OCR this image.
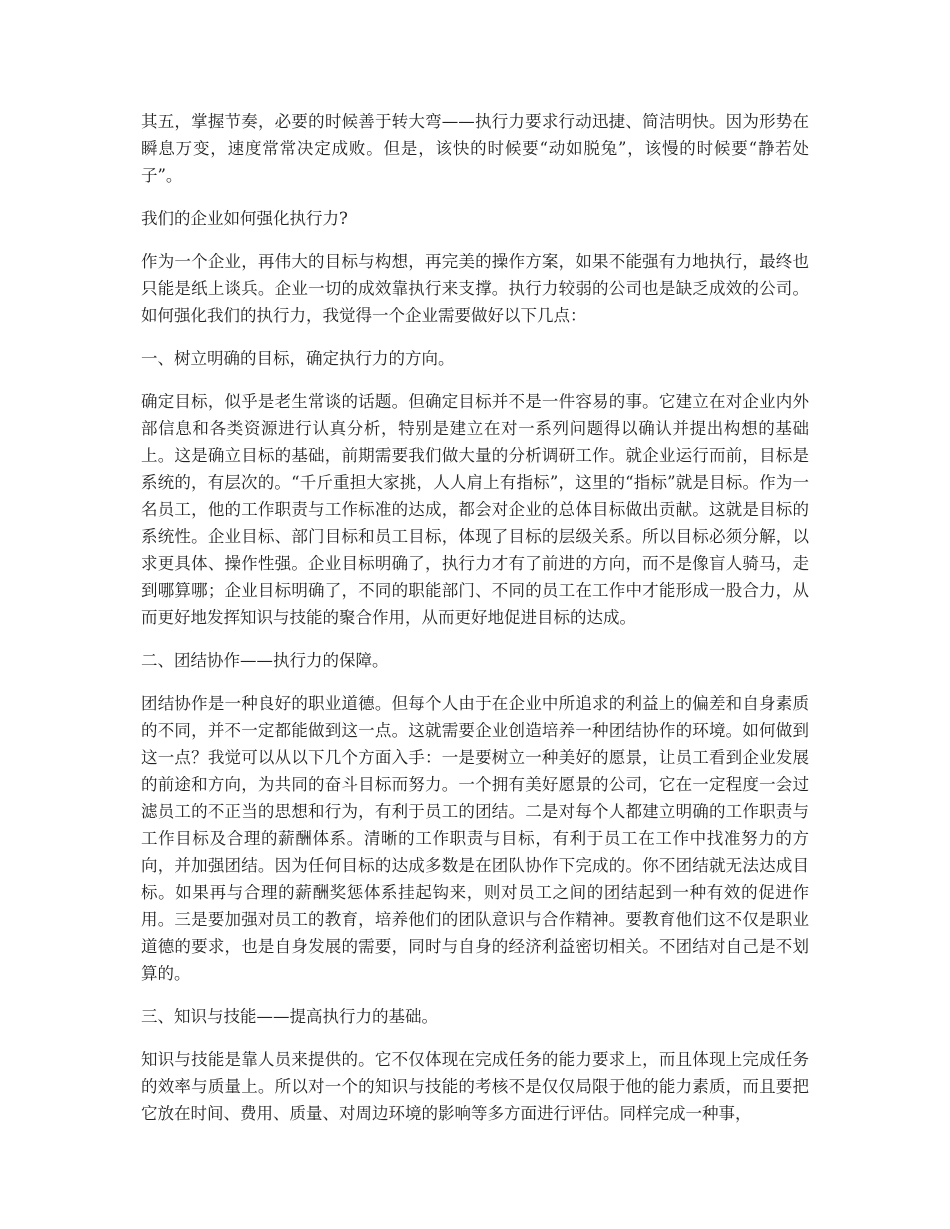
其五，掌握节奏，必要的时候善于转大弯——执行力要求行动迅捷、简洁明快。因为形势在瞬息万变，速度常常决定成败。但是，该快的时候要“动如脱兔”，该慢的时候要“静若处子”。

我们的企业如何强化执行力?

作为一个企业，再伟大的目标与构想，再完美的操作方案，如果不能强有力地执行，最终也只能是纸上谈兵。企业一切的成效靠执行来支撑。执行力较弱的公司也是缺乏成效的公司。如何强化我们的执行力，我觉得一个企业需要做好以下几点：

一、树立明确的目标，确定执行力的方向。

确定目标，似乎是老生常谈的话题。但确定目标并不是一件容易的事。它建立在对企业内外部信息和各类资源进行认真分析，特别是建立在对一系列问题得以确认并提出构想的基础上。这是确立目标的基础，前期需要我们做大量的分析调研工作。就企业运行而前，目标是系统的，有层次的。“千斤重担大家挑，人人肩上有指标”，这里的“指标”就是目标。作为一名员工，他的工作职责与工作标准的达成，都会对企业的总体目标做出贡献。这就是目标的系统性。企业目标、部门目标和员工目标，体现了目标的层级关系。所以目标必须分解，以求更具体、操作性强。企业目标明确了，执行力才有了前进的方向，而不是像盲人骑马，走到哪算哪；企业目标明确了，不同的职能部门、不同的员工在工作中才能形成一股合力，从而更好地发挥知识与技能的聚合作用，从而更好地促进目标的达成。

二、团结协作——执行力的保障。

团结协作是一种良好的职业道德。但每个人由于在企业中所追求的利益上的偏差和自身素质的不同，并不一定都能做到这一点。这就需要企业创造培养一种团结协作的环境。如何做到这一点？我觉可以从以下几个方面入手：一是要树立一种美好的愿景，让员工看到企业发展的前途和方向，为共同的奋斗目标而努力。一个拥有美好愿景的公司，它在一定程度一会过滤员工的不正当的思想和行为，有利于员工的团结。二是对每个人都建立明确的工作职责与工作目标及合理的薪酬体系。清晰的工作职责与目标，有利于员工在工作中找准努力的方向，并加强团结。因为任何目标的达成多数是在团队协作下完成的。你不团结就无法达成目标。如果再与合理的薪酬奖惩体系挂起钩来，则对员工之间的团结起到一种有效的促进作用。三是要加强对员工的教育，培养他们的团队意识与合作精神。要教育他们这不仅是职业道德的要求，也是自身发展的需要，同时与自身的经济利益密切相关。不团结对自己是不划算的。

三、知识与技能——提高执行力的基础。

知识与技能是靠人员来提供的。它不仅体现在完成任务的能力要求上，而且体现上完成任务的效率与质量上。所以对一个的知识与技能的考核不是仅仅局限于他的能力素质，而且要把它放在时间、费用、质量、对周边环境的影响等多方面进行评估。同样完成一种事，
